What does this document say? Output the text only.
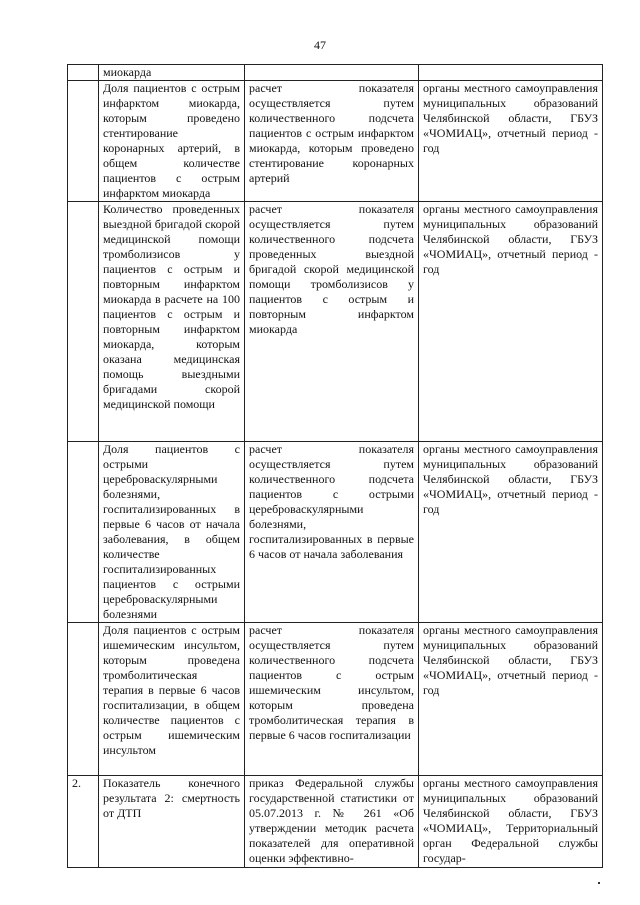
47

	миокарда		

	Доля пациентов с острым инфарктом миокарда, которым проведено стентирование коронарных артерий, в общем количестве пациентов с острым инфарктом миокарда	расчет показателя осуществляется путем количественного подсчета пациентов с острым инфарктом миокарда, которым проведено стентирование коронарных артерий	органы местного самоуправления муниципальных образований Челябинской области, ГБУЗ «ЧОМИАЦ», отчетный период - год

	Количество проведенных выездной бригадой скорой медицинской помощи тромболизисов у пациентов с острым и повторным инфарктом миокарда в расчете на 100 пациентов с острым и повторным инфарктом миокарда, которым оказана медицинская помощь выездными бригадами скорой медицинской помощи	расчет показателя осуществляется путем количественного подсчета проведенных выездной бригадой скорой медицинской помощи тромболизисов у пациентов с острым и повторным инфарктом миокарда	органы местного самоуправления муниципальных образований Челябинской области, ГБУЗ «ЧОМИАЦ», отчетный период - год

	Доля пациентов с острыми цереброваскулярными болезнями, госпитализированных в первые 6 часов от начала заболевания, в общем количестве госпитализированных пациентов с острыми цереброваскулярными болезнями	расчет показателя осуществляется путем количественного подсчета пациентов с острыми цереброваскулярными болезнями, госпитализированных в первые 6 часов от начала заболевания	органы местного самоуправления муниципальных образований Челябинской области, ГБУЗ «ЧОМИАЦ», отчетный период - год

	Доля пациентов с острым ишемическим инсультом, которым проведена тромболитическая терапия в первые 6 часов госпитализации, в общем количестве пациентов с острым ишемическим инсультом	расчет показателя осуществляется путем количественного подсчета пациентов с острым ишемическим инсультом, которым проведена тромболитическая терапия в первые 6 часов госпитализации	органы местного самоуправления муниципальных образований Челябинской области, ГБУЗ «ЧОМИАЦ», отчетный период - год

2.	Показатель конечного результата 2: смертность от ДТП	приказ Федеральной службы государственной статистики от 05.07.2013 г. № 261 «Об утверждении методик расчета показателей для оперативной оценки эффективно-	органы местного самоуправления муниципальных образований Челябинской области, ГБУЗ «ЧОМИАЦ», Территориальный орган Федеральной службы государ-
